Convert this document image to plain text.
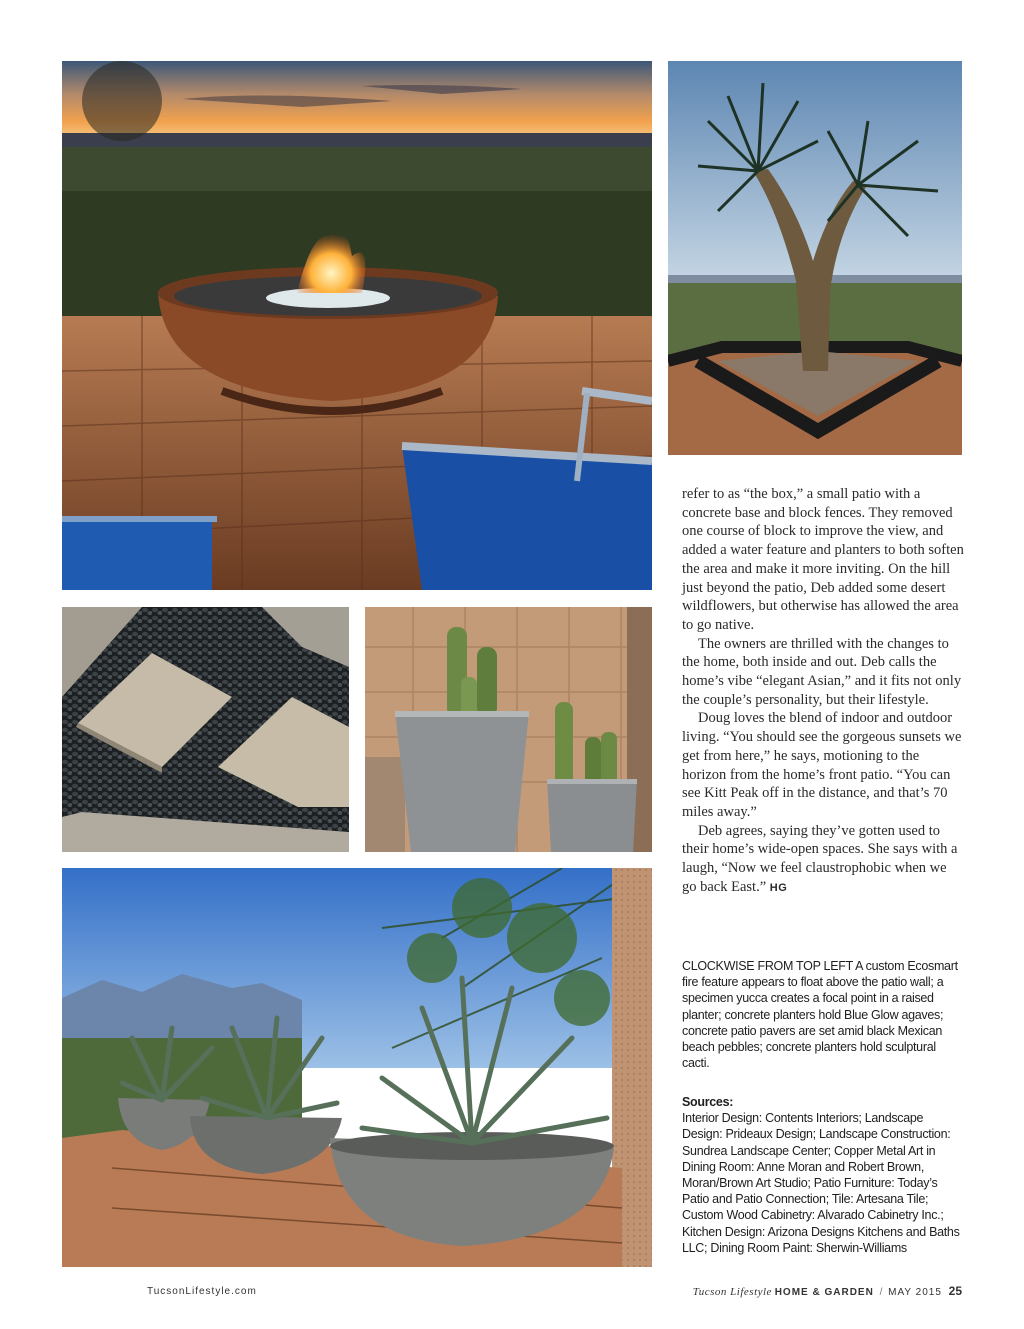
refer to as “the box,” a small patio with a concrete base and block fences. They removed one course of block to improve the view, and added a water feature and planters to both soften the area and make it more inviting. On the hill just beyond the patio, Deb added some desert wildflowers, but otherwise has allowed the area to go native.

The owners are thrilled with the changes to the home, both inside and out. Deb calls the home’s vibe “elegant Asian,” and it fits not only the couple’s personality, but their lifestyle.

Doug loves the blend of indoor and outdoor living. “You should see the gorgeous sunsets we get from here,” he says, motioning to the horizon from the home’s front patio. “You can see Kitt Peak off in the distance, and that’s 70 miles away.”

Deb agrees, saying they’ve gotten used to their home’s wide-open spaces. She says with a laugh, “Now we feel claustrophobic when we go back East.” HG

CLOCKWISE FROM TOP LEFT A custom Ecosmart fire feature appears to float above the patio wall; a specimen yucca creates a focal point in a raised planter; concrete planters hold Blue Glow agaves; concrete patio pavers are set amid black Mexican beach pebbles; concrete planters hold sculptural cacti.
Sources:
Interior Design: Contents Interiors; Landscape Design: Prideaux Design; Landscape Construction: Sundrea Landscape Center; Copper Metal Art in Dining Room: Anne Moran and Robert Brown, Moran/Brown Art Studio; Patio Furniture: Today’s Patio and Patio Connection; Tile: Artesana Tile; Custom Wood Cabinetry: Alvarado Cabinetry Inc.; Kitchen Design: Arizona Designs Kitchens and Baths LLC; Dining Room Paint: Sherwin-Williams
TucsonLifestyle.com	Tucson Lifestyle HOME & GARDEN / MAY 2015 25
